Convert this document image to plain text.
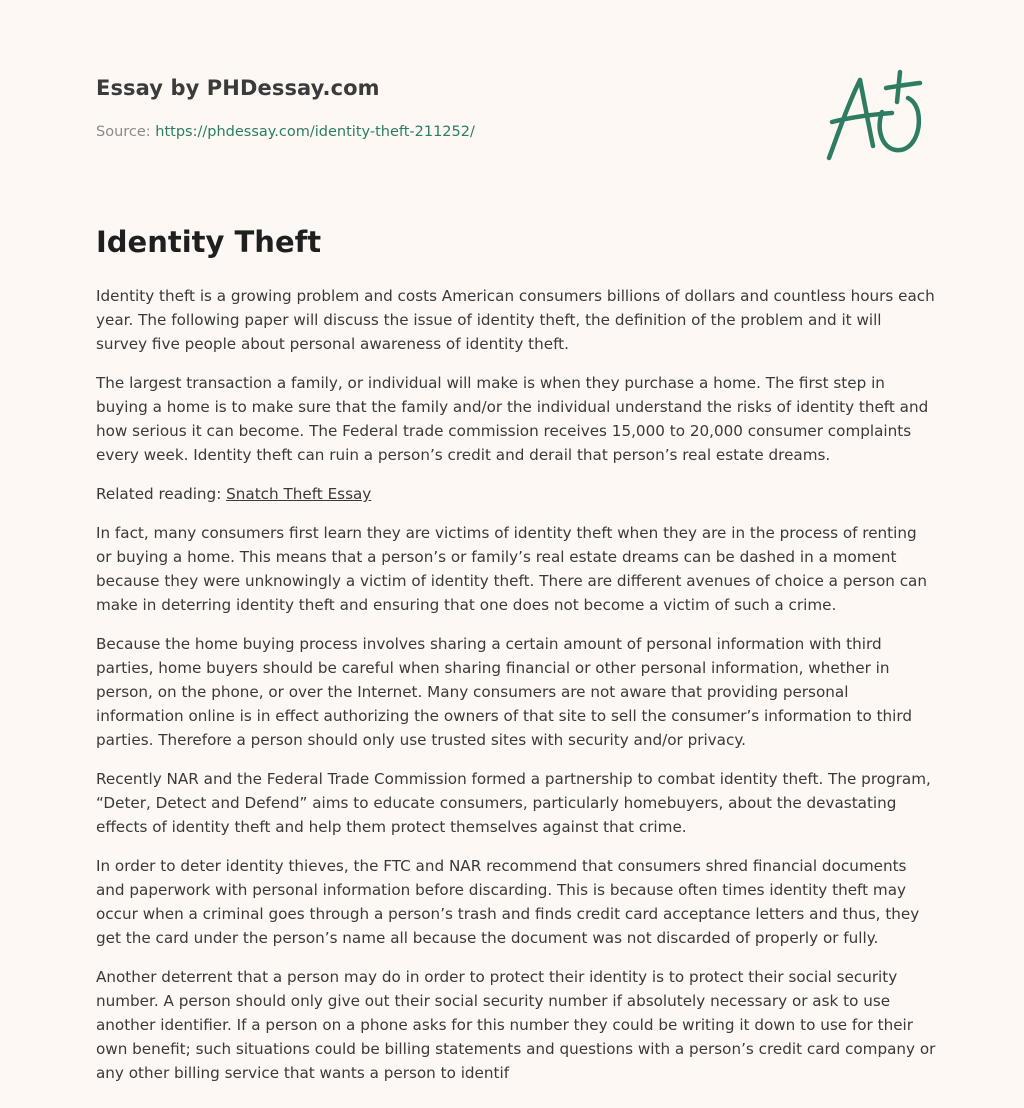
Essay by PHDessay.com
Source: https://phdessay.com/identity-theft-211252/
Identity Theft

Identity theft is a growing problem and costs American consumers billions of dollars and countless hours each year. The following paper will discuss the issue of identity theft, the definition of the problem and it will survey five people about personal awareness of identity theft.

The largest transaction a family, or individual will make is when they purchase a home. The first step in buying a home is to make sure that the family and/or the individual understand the risks of identity theft and how serious it can become. The Federal trade commission receives 15,000 to 20,000 consumer complaints every week. Identity theft can ruin a person’s credit and derail that person’s real estate dreams.

Related reading: Snatch Theft Essay

In fact, many consumers first learn they are victims of identity theft when they are in the process of renting or buying a home. This means that a person’s or family’s real estate dreams can be dashed in a moment because they were unknowingly a victim of identity theft. There are different avenues of choice a person can make in deterring identity theft and ensuring that one does not become a victim of such a crime.

Because the home buying process involves sharing a certain amount of personal information with third parties, home buyers should be careful when sharing financial or other personal information, whether in person, on the phone, or over the Internet. Many consumers are not aware that providing personal information online is in effect authorizing the owners of that site to sell the consumer’s information to third parties. Therefore a person should only use trusted sites with security and/or privacy.

Recently NAR and the Federal Trade Commission formed a partnership to combat identity theft. The program, “Deter, Detect and Defend” aims to educate consumers, particularly homebuyers, about the devastating effects of identity theft and help them protect themselves against that crime.

In order to deter identity thieves, the FTC and NAR recommend that consumers shred financial documents and paperwork with personal information before discarding. This is because often times identity theft may occur when a criminal goes through a person’s trash and finds credit card acceptance letters and thus, they get the card under the person’s name all because the document was not discarded of properly or fully.

Another deterrent that a person may do in order to protect their identity is to protect their social security number. A person should only give out their social security number if absolutely necessary or ask to use another identifier. If a person on a phone asks for this number they could be writing it down to use for their own benefit; such situations could be billing statements and questions with a person’s credit card company or any other billing service that wants a person to identif
